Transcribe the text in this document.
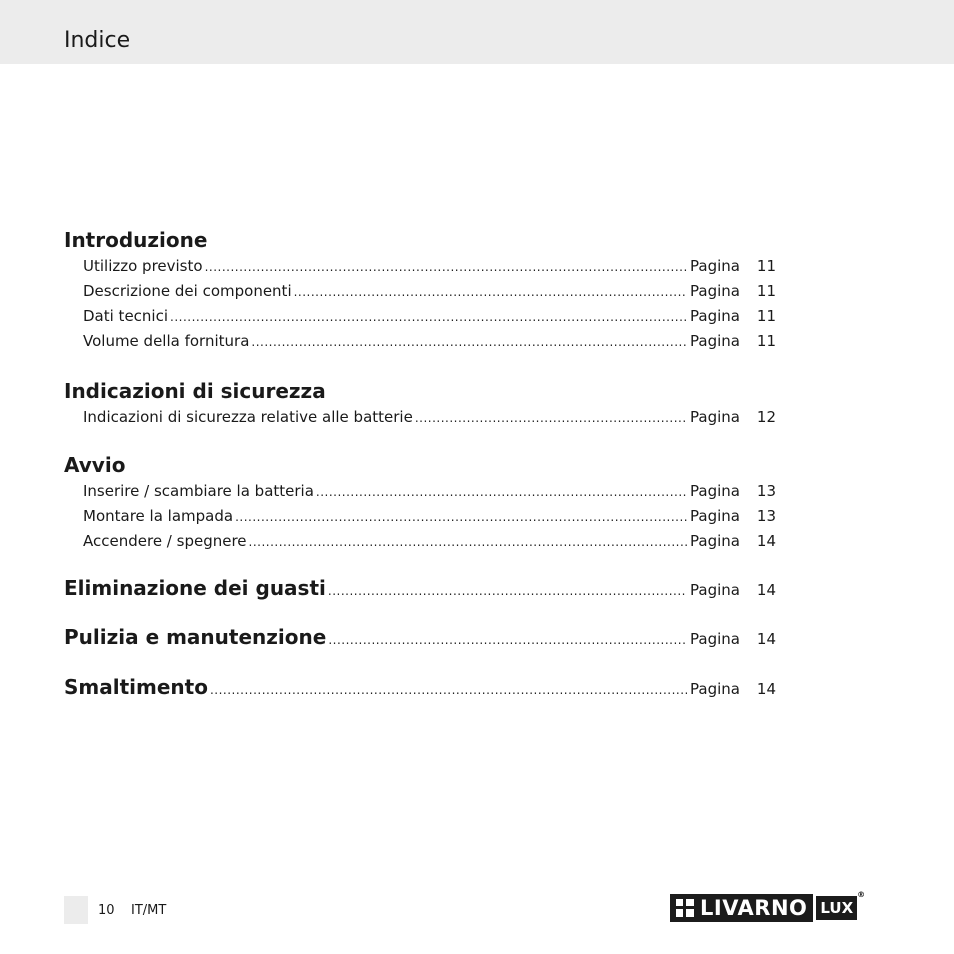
Indice
Introduzione
Utilizzo previsto .....	Pagina	11
Descrizione dei componenti .....	Pagina	11
Dati tecnici .....	Pagina	11
Volume della fornitura .....	Pagina	11
Indicazioni di sicurezza
Indicazioni di sicurezza relative alle batterie .....	Pagina	12
Avvio
Inserire / scambiare la batteria .....	Pagina	13
Montare la lampada .....	Pagina	13
Accendere / spegnere .....	Pagina	14
Eliminazione dei guasti .....	Pagina	14
Pulizia e manutenzione .....	Pagina	14
Smaltimento .....	Pagina	14
10 IT/MT	LIVARNO LUX
®
